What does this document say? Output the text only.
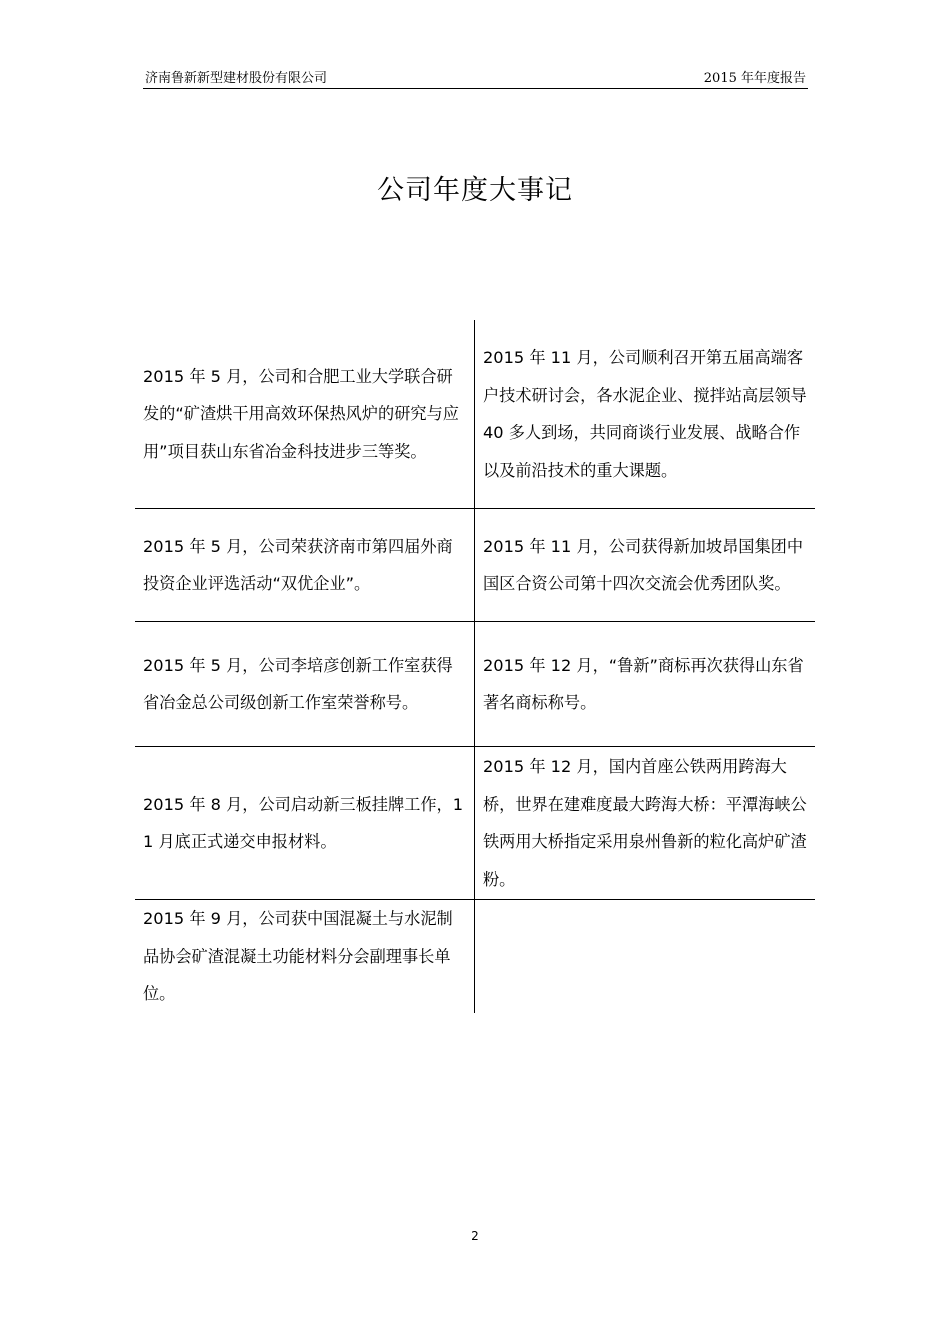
济南鲁新新型建材股份有限公司	2015 年年度报告
公司年度大事记
2015 年 5 月，公司和合肥工业大学联合研发的“矿渣烘干用高效环保热风炉的研究与应用”项目获山东省冶金科技进步三等奖。	2015 年 11 月，公司顺利召开第五届高端客户技术研讨会，各水泥企业、搅拌站高层领导 40 多人到场，共同商谈行业发展、战略合作以及前沿技术的重大课题。
2015 年 5 月，公司荣获济南市第四届外商投资企业评选活动“双优企业”。	2015 年 11 月，公司获得新加坡昂国集团中国区合资公司第十四次交流会优秀团队奖。
2015 年 5 月，公司李培彦创新工作室获得省冶金总公司级创新工作室荣誉称号。	2015 年 12 月，“鲁新”商标再次获得山东省著名商标称号。
2015 年 8 月，公司启动新三板挂牌工作，11 月底正式递交申报材料。	2015 年 12 月，国内首座公铁两用跨海大桥，世界在建难度最大跨海大桥：平潭海峡公铁两用大桥指定采用泉州鲁新的粒化高炉矿渣粉。
2015 年 9 月，公司获中国混凝土与水泥制品协会矿渣混凝土功能材料分会副理事长单位。	
2
